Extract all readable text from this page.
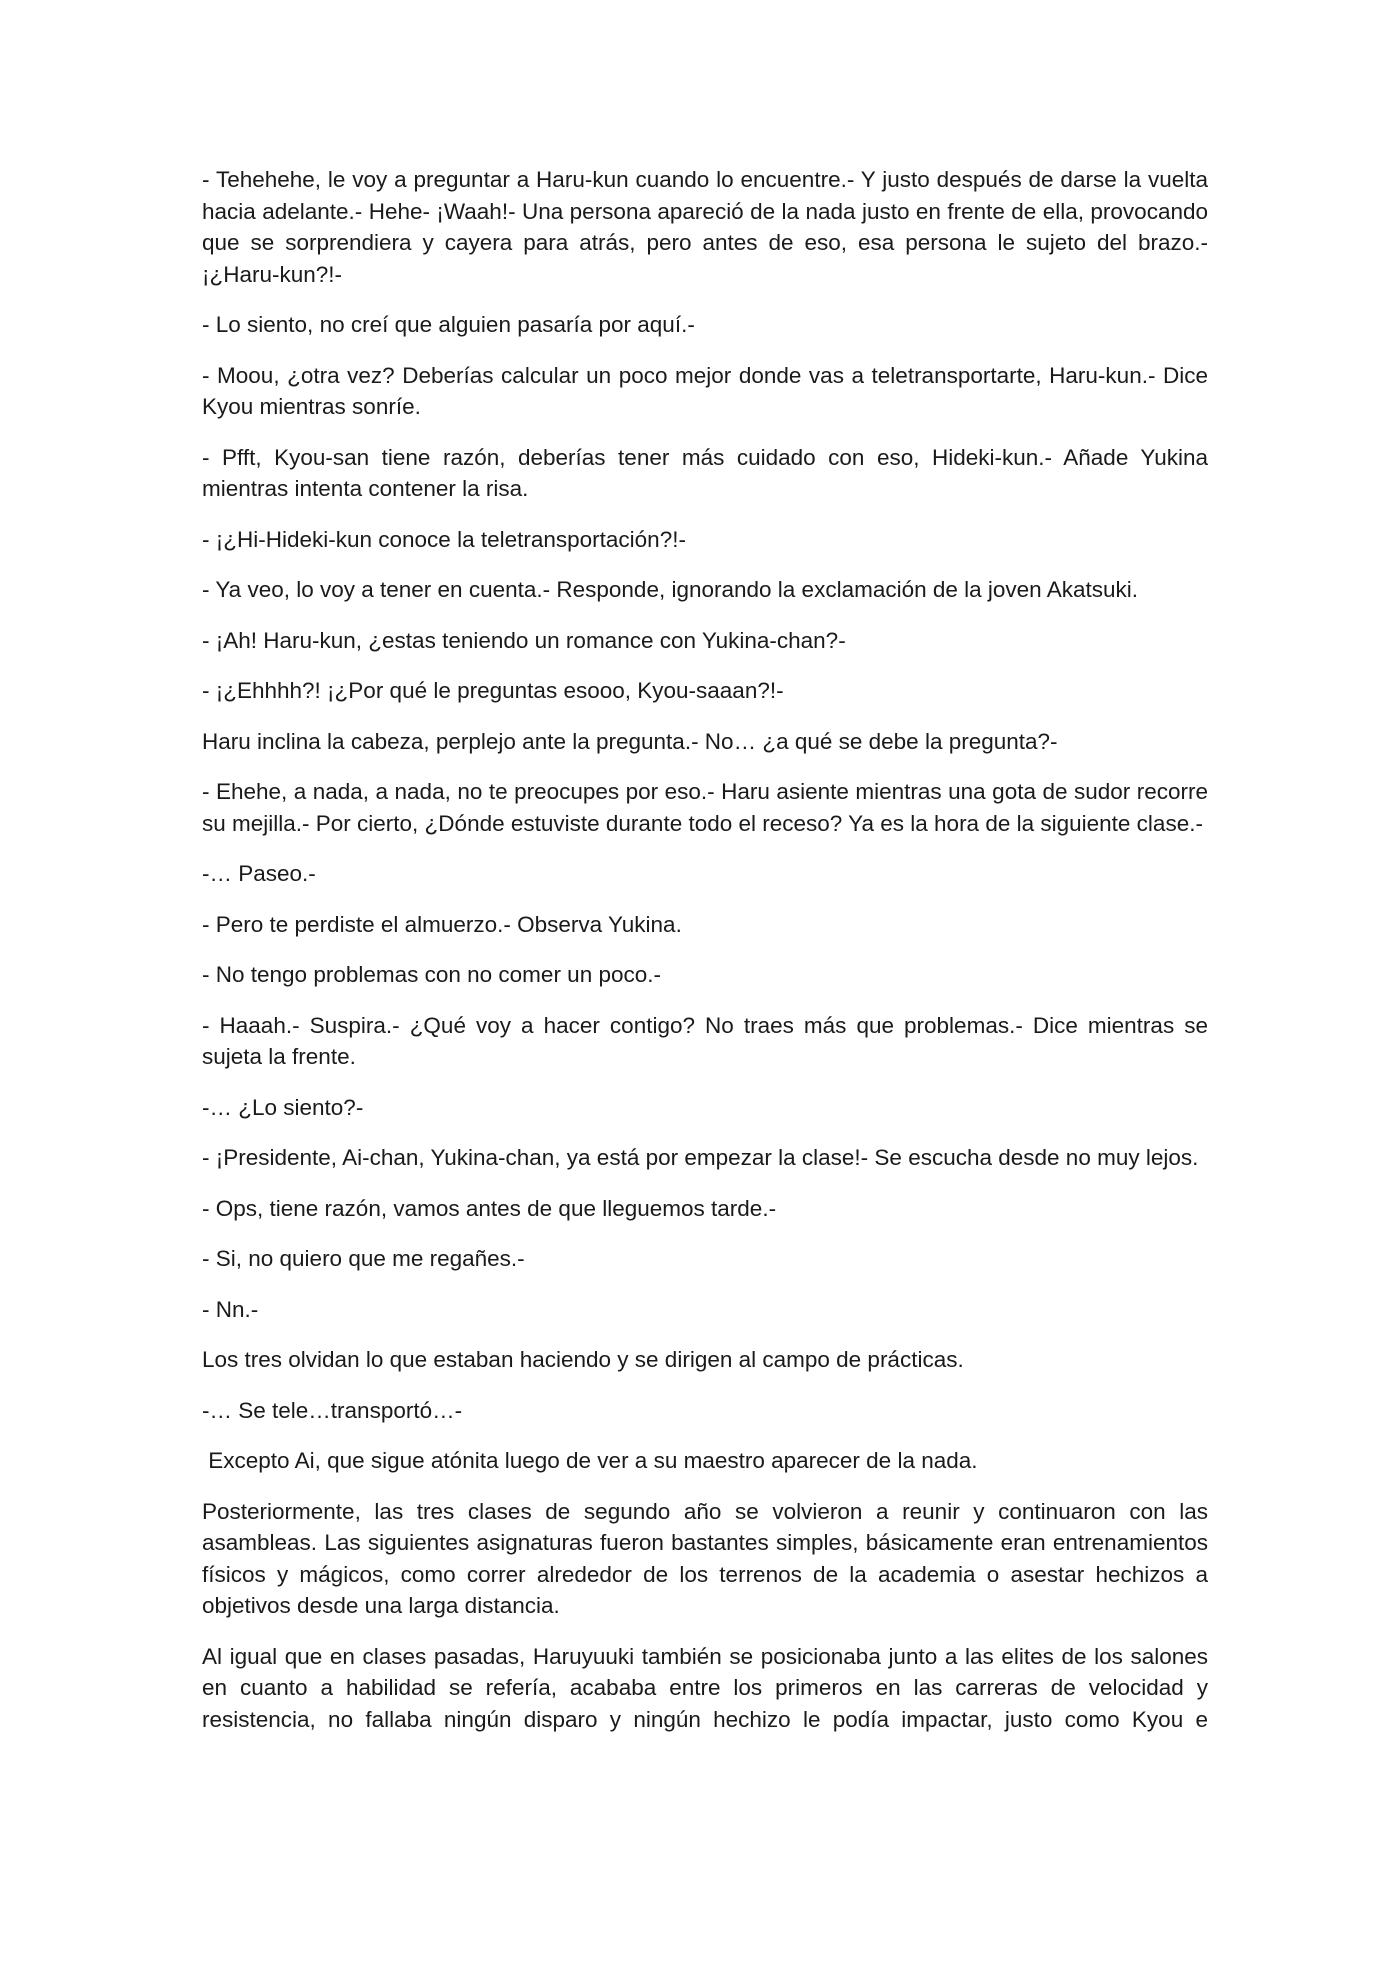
- Tehehehe, le voy a preguntar a Haru-kun cuando lo encuentre.- Y justo después de darse la vuelta hacia adelante.- Hehe- ¡Waah!- Una persona apareció de la nada justo en frente de ella, provocando que se sorprendiera y cayera para atrás, pero antes de eso, esa persona le sujeto del brazo.- ¡¿Haru-kun?!-

- Lo siento, no creí que alguien pasaría por aquí.-

- Moou, ¿otra vez? Deberías calcular un poco mejor donde vas a teletransportarte, Haru-kun.- Dice Kyou mientras sonríe.

- Pfft, Kyou-san tiene razón, deberías tener más cuidado con eso, Hideki-kun.- Añade Yukina mientras intenta contener la risa.

- ¡¿Hi-Hideki-kun conoce la teletransportación?!-

- Ya veo, lo voy a tener en cuenta.- Responde, ignorando la exclamación de la joven Akatsuki.

- ¡Ah! Haru-kun, ¿estas teniendo un romance con Yukina-chan?-

- ¡¿Ehhhh?! ¡¿Por qué le preguntas esooo, Kyou-saaan?!-

Haru inclina la cabeza, perplejo ante la pregunta.- No… ¿a qué se debe la pregunta?-

- Ehehe, a nada, a nada, no te preocupes por eso.- Haru asiente mientras una gota de sudor recorre su mejilla.- Por cierto, ¿Dónde estuviste durante todo el receso? Ya es la hora de la siguiente clase.-

-… Paseo.-

- Pero te perdiste el almuerzo.- Observa Yukina.

- No tengo problemas con no comer un poco.-

- Haaah.- Suspira.- ¿Qué voy a hacer contigo? No traes más que problemas.- Dice mientras se sujeta la frente.

-… ¿Lo siento?-

- ¡Presidente, Ai-chan, Yukina-chan, ya está por empezar la clase!- Se escucha desde no muy lejos.

- Ops, tiene razón, vamos antes de que lleguemos tarde.-

- Si, no quiero que me regañes.-

- Nn.-

Los tres olvidan lo que estaban haciendo y se dirigen al campo de prácticas.

-… Se tele…transportó…-

Excepto Ai, que sigue atónita luego de ver a su maestro aparecer de la nada.

Posteriormente, las tres clases de segundo año se volvieron a reunir y continuaron con las asambleas. Las siguientes asignaturas fueron bastantes simples, básicamente eran entrenamientos físicos y mágicos, como correr alrededor de los terrenos de la academia o asestar hechizos a objetivos desde una larga distancia.

Al igual que en clases pasadas, Haruyuuki también se posicionaba junto a las elites de los salones en cuanto a habilidad se refería, acababa entre los primeros en las carreras de velocidad y resistencia, no fallaba ningún disparo y ningún hechizo le podía impactar, justo como Kyou e
